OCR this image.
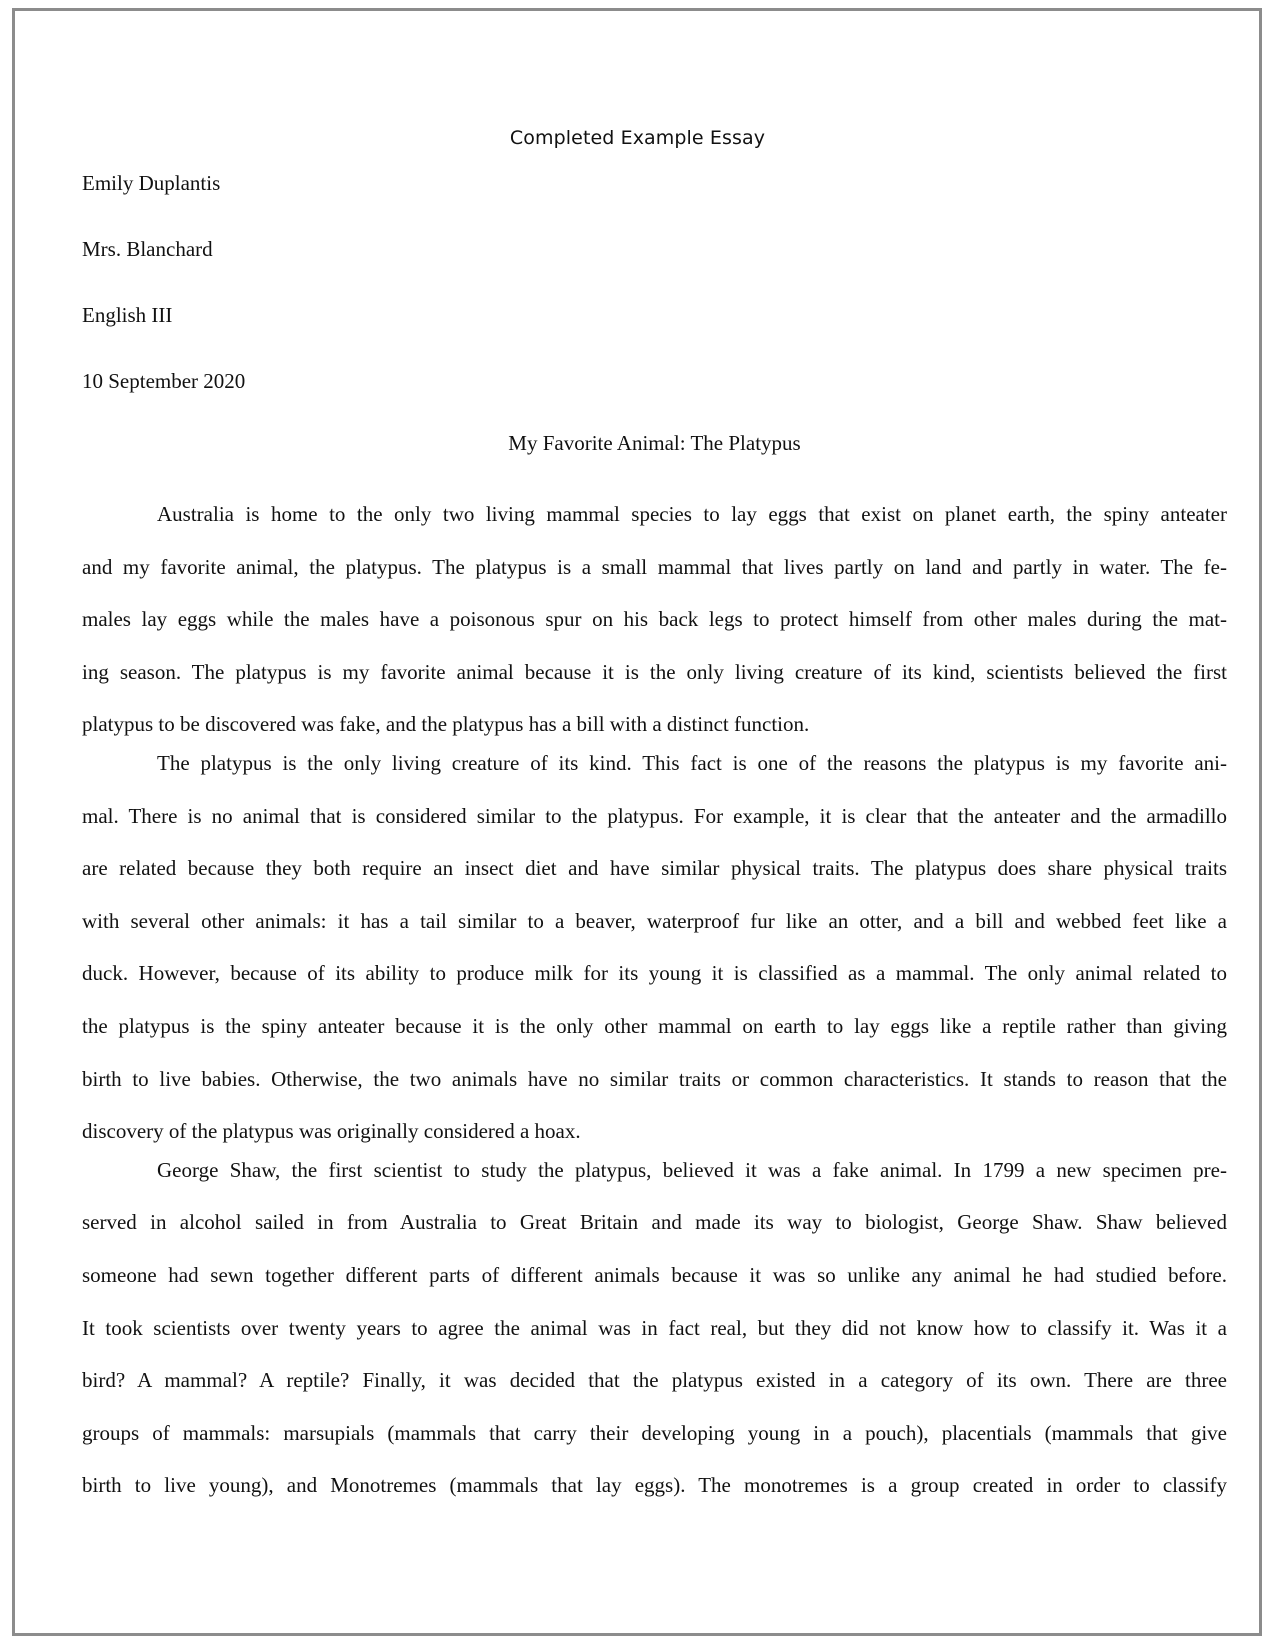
Completed Example Essay
Emily Duplantis
Mrs. Blanchard
English III
10 September 2020
My Favorite Animal: The Platypus
Australia is home to the only two living mammal species to lay eggs that exist on planet earth, the spiny anteater
and my favorite animal, the platypus. The platypus is a small mammal that lives partly on land and partly in water. The fe-
males lay eggs while the males have a poisonous spur on his back legs to protect himself from other males during the mat-
ing season. The platypus is my favorite animal because it is the only living creature of its kind, scientists believed the first
platypus to be discovered was fake, and the platypus has a bill with a distinct function.
The platypus is the only living creature of its kind. This fact is one of the reasons the platypus is my favorite ani-
mal. There is no animal that is considered similar to the platypus. For example, it is clear that the anteater and the armadillo
are related because they both require an insect diet and have similar physical traits. The platypus does share physical traits
with several other animals: it has a tail similar to a beaver, waterproof fur like an otter, and a bill and webbed feet like a
duck. However, because of its ability to produce milk for its young it is classified as a mammal. The only animal related to
the platypus is the spiny anteater because it is the only other mammal on earth to lay eggs like a reptile rather than giving
birth to live babies. Otherwise, the two animals have no similar traits or common characteristics. It stands to reason that the
discovery of the platypus was originally considered a hoax.
George Shaw, the first scientist to study the platypus, believed it was a fake animal. In 1799 a new specimen pre-
served in alcohol sailed in from Australia to Great Britain and made its way to biologist, George Shaw. Shaw believed
someone had sewn together different parts of different animals because it was so unlike any animal he had studied before.
It took scientists over twenty years to agree the animal was in fact real, but they did not know how to classify it. Was it a
bird? A mammal? A reptile? Finally, it was decided that the platypus existed in a category of its own. There are three
groups of mammals: marsupials (mammals that carry their developing young in a pouch), placentials (mammals that give
birth to live young), and Monotremes (mammals that lay eggs). The monotremes is a group created in order to classify
